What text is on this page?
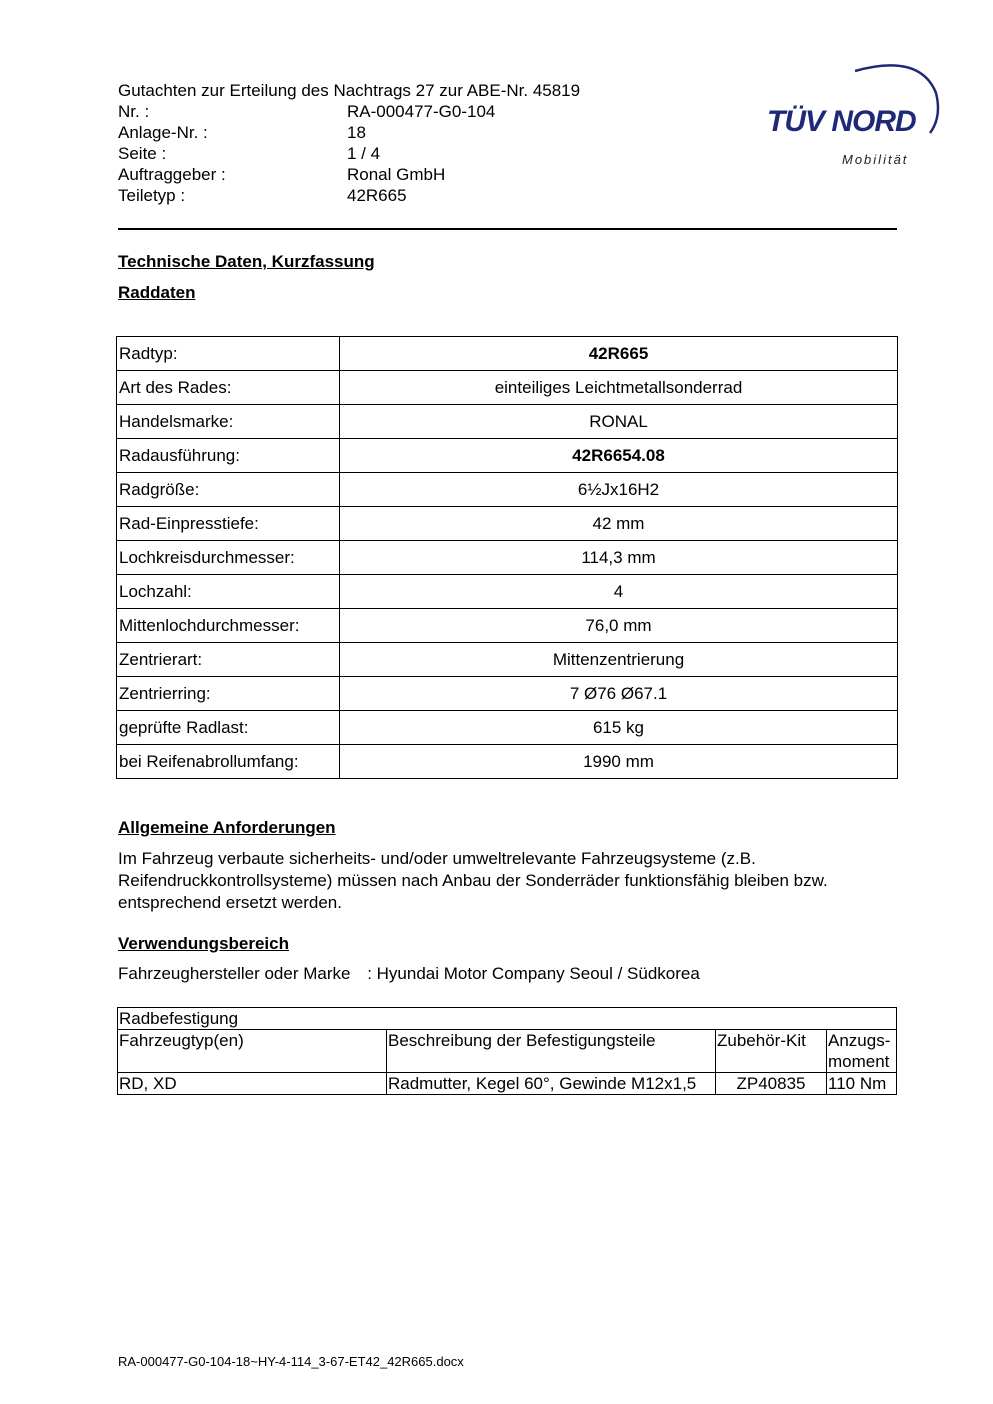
Gutachten zur Erteilung des Nachtrags 27 zur ABE-Nr. 45819
Nr. :	RA-000477-G0-104
Anlage-Nr. :	18
Seite :	1 / 4
Auftraggeber :	Ronal GmbH
Teiletyp :	42R665
TÜV NORD
Mobilität
Technische Daten, Kurzfassung
Raddaten
Radtyp:	42R665
Art des Rades:	einteiliges Leichtmetallsonderrad
Handelsmarke:	RONAL
Radausführung:	42R6654.08
Radgröße:	6½Jx16H2
Rad-Einpresstiefe:	42 mm
Lochkreisdurchmesser:	114,3 mm
Lochzahl:	4
Mittenlochdurchmesser:	76,0 mm
Zentrierart:	Mittenzentrierung
Zentrierring:	7 Ø76 Ø67.1
geprüfte Radlast:	615 kg
bei Reifenabrollumfang:	1990 mm
Allgemeine Anforderungen
Im Fahrzeug verbaute sicherheits- und/oder umweltrelevante Fahrzeugsysteme (z.B. Reifendruckkontrollsysteme) müssen nach Anbau der Sonderräder funktionsfähig bleiben bzw. entsprechend ersetzt werden.
Verwendungsbereich
Fahrzeughersteller oder Marke : Hyundai Motor Company Seoul / Südkorea
Radbefestigung			
Fahrzeugtyp(en)	Beschreibung der Befestigungsteile	Zubehör-Kit	Anzugs-moment
RD, XD	Radmutter, Kegel 60°, Gewinde M12x1,5	ZP40835	110 Nm
RA-000477-G0-104-18~HY-4-114_3-67-ET42_42R665.docx
